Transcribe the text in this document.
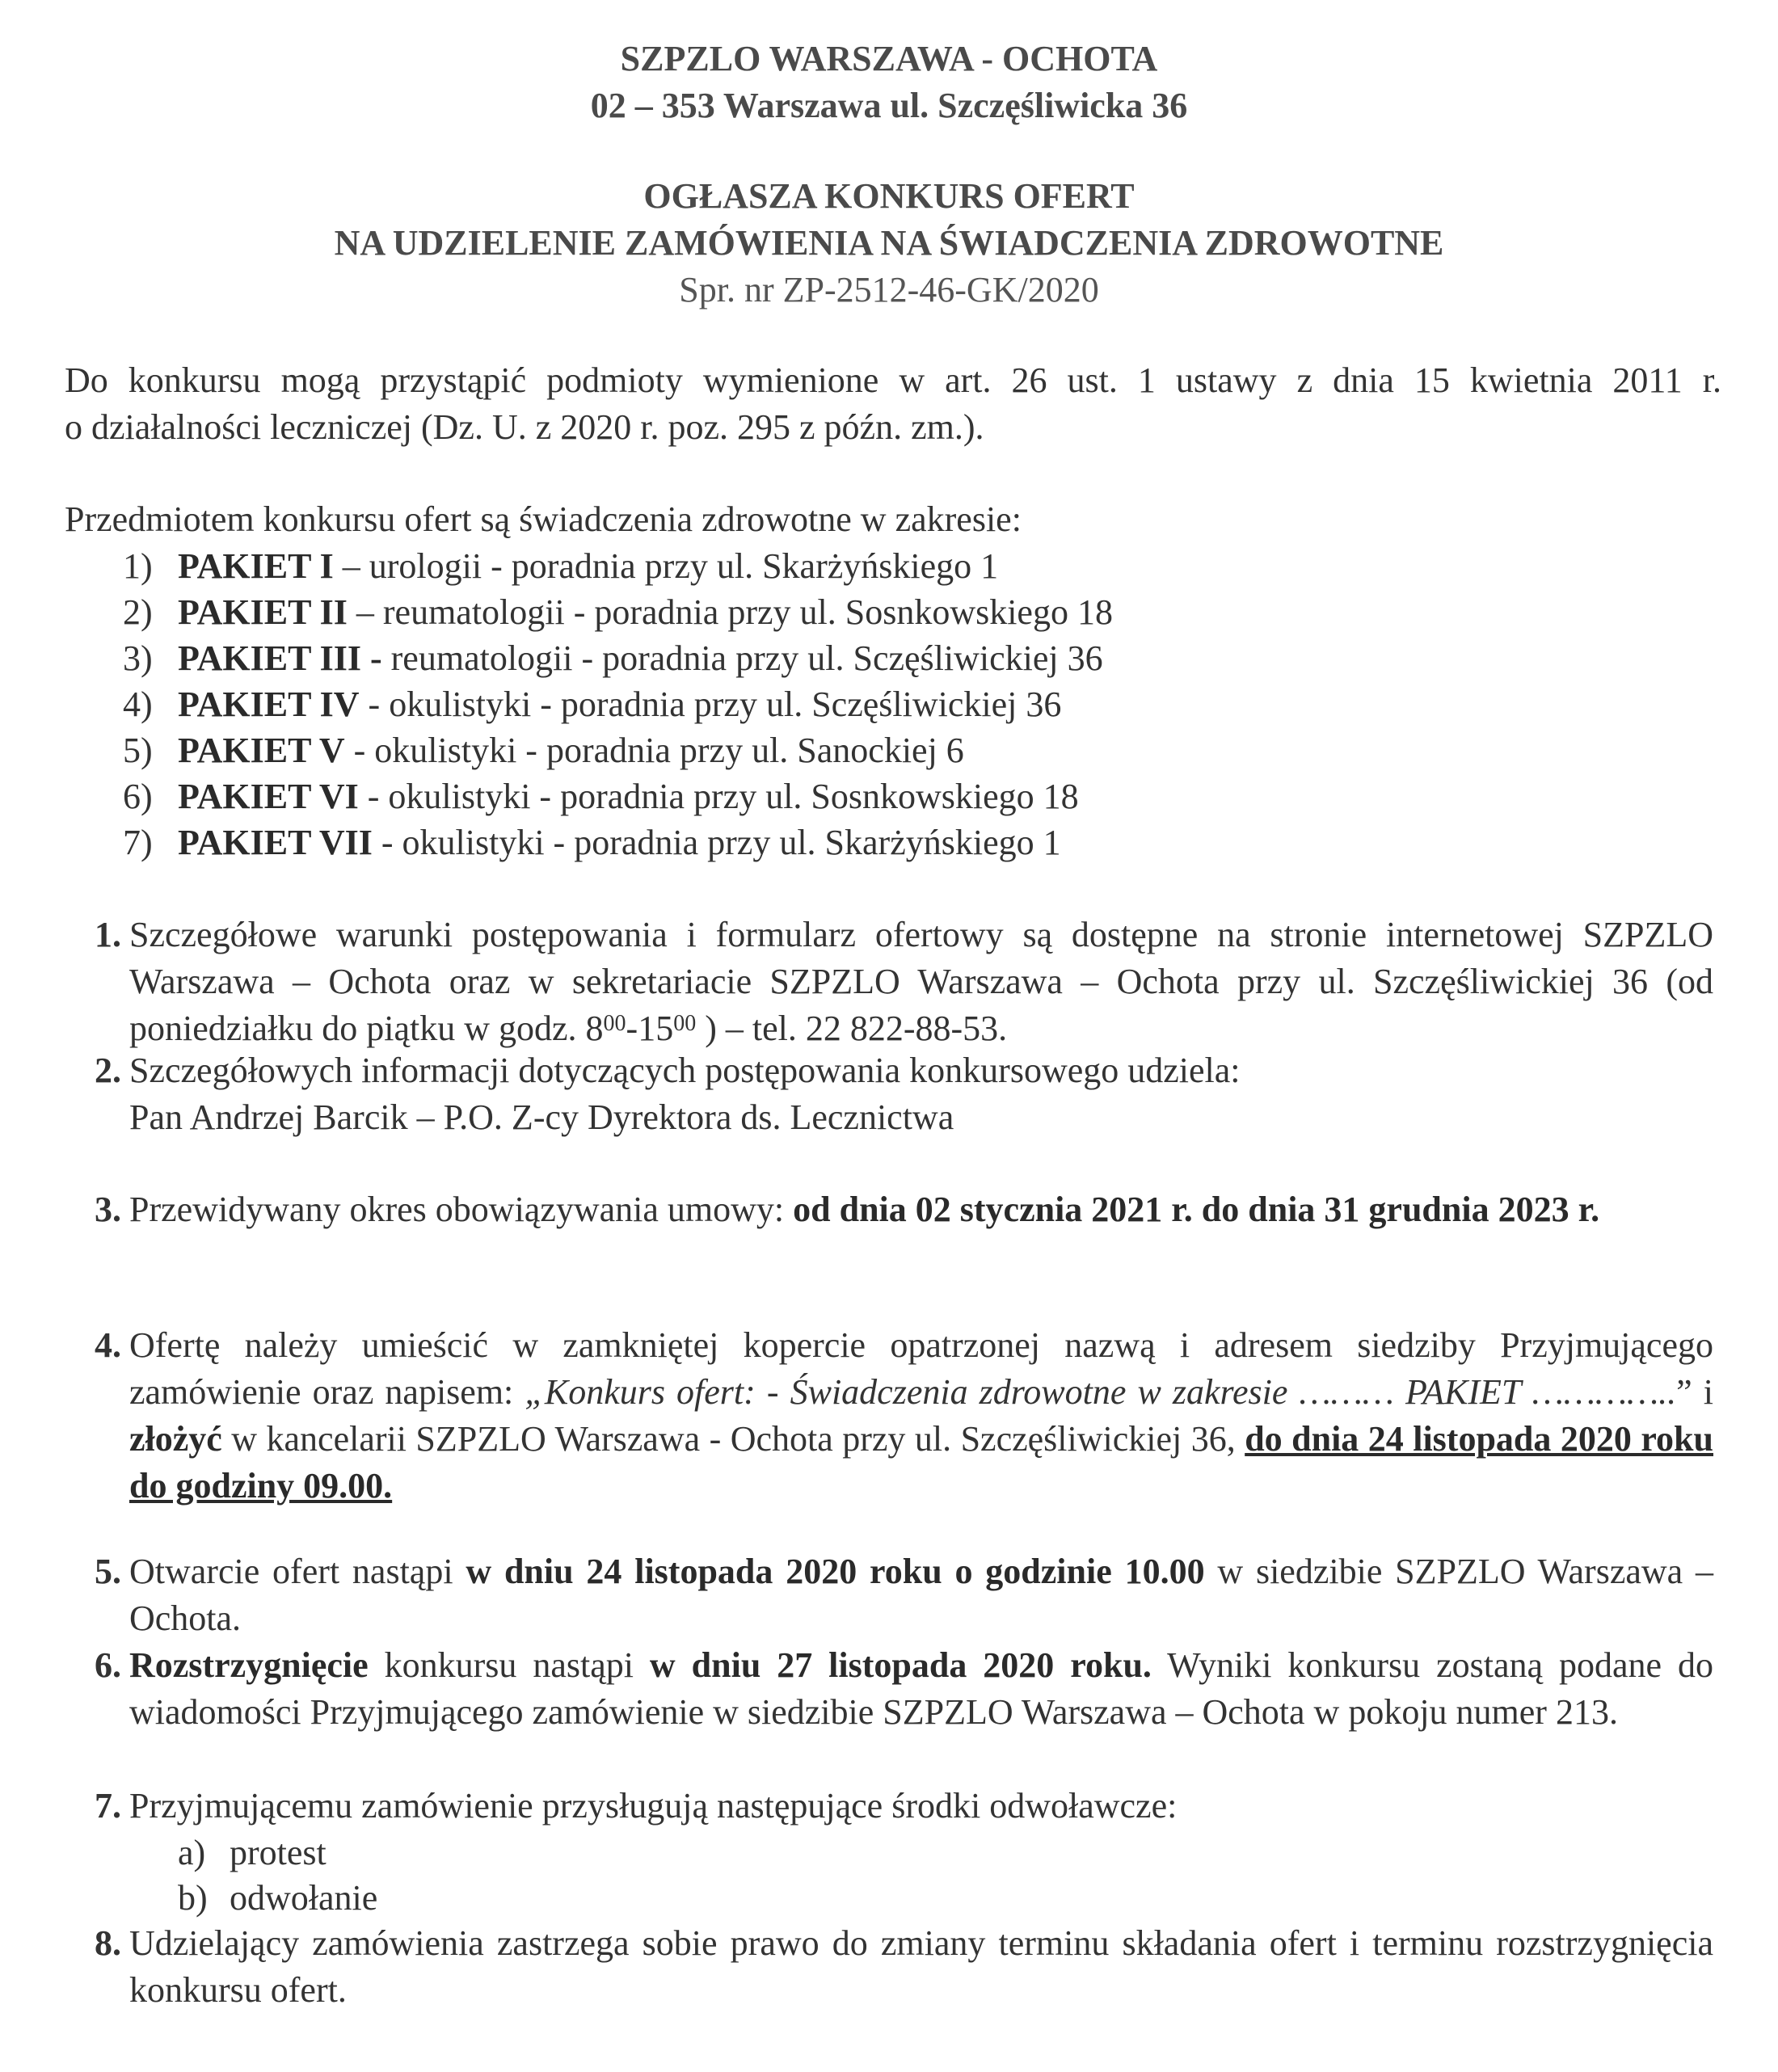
SZPZLO WARSZAWA - OCHOTA
02 – 353 Warszawa ul. Szczęśliwicka 36
OGŁASZA KONKURS OFERT
NA UDZIELENIE ZAMÓWIENIA NA ŚWIADCZENIA ZDROWOTNE
Spr. nr ZP-2512-46-GK/2020
Do konkursu mogą przystąpić podmioty wymienione w art. 26 ust. 1 ustawy z dnia 15 kwietnia 2011 r.
o działalności leczniczej (Dz. U. z 2020 r. poz. 295 z późn. zm.).
Przedmiotem konkursu ofert są świadczenia zdrowotne w zakresie:
1) PAKIET I – urologii - poradnia przy ul. Skarżyńskiego 1
2) PAKIET II – reumatologii - poradnia przy ul. Sosnkowskiego 18
3) PAKIET III - reumatologii - poradnia przy ul. Sczęśliwickiej 36
4) PAKIET IV - okulistyki - poradnia przy ul. Sczęśliwickiej 36
5) PAKIET V - okulistyki - poradnia przy ul. Sanockiej 6
6) PAKIET VI - okulistyki - poradnia przy ul. Sosnkowskiego 18
7) PAKIET VII - okulistyki - poradnia przy ul. Skarżyńskiego 1
1. Szczegółowe warunki postępowania i formularz ofertowy są dostępne na stronie internetowej SZPZLO Warszawa – Ochota oraz w sekretariacie SZPZLO Warszawa – Ochota przy ul. Szczęśliwickiej 36 (od poniedziałku do piątku w godz. $8^{00}-15^{00}$ ) – tel. 22 822-88-53.
2. Szczegółowych informacji dotyczących postępowania konkursowego udziela:
Pan Andrzej Barcik – P.O. Z-cy Dyrektora ds. Lecznictwa
3. Przewidywany okres obowiązywania umowy: od dnia 02 stycznia 2021 r. do dnia 31 grudnia 2023 r.
4. Ofertę należy umieścić w zamkniętej kopercie opatrzonej nazwą i adresem siedziby Przyjmującego zamówienie oraz napisem: „Konkurs ofert: - Świadczenia zdrowotne w zakresie ……… PAKIET …………..” i złożyć w kancelarii SZPZLO Warszawa - Ochota przy ul. Szczęśliwickiej 36, do dnia 24 listopada 2020 roku do godziny 09.00.
5. Otwarcie ofert nastąpi w dniu 24 listopada 2020 roku o godzinie 10.00 w siedzibie SZPZLO Warszawa – Ochota.
6. Rozstrzygnięcie konkursu nastąpi w dniu 27 listopada 2020 roku. Wyniki konkursu zostaną podane do wiadomości Przyjmującego zamówienie w siedzibie SZPZLO Warszawa – Ochota w pokoju numer 213.
7. Przyjmującemu zamówienie przysługują następujące środki odwoławcze:
a) protest
b) odwołanie
8. Udzielający zamówienia zastrzega sobie prawo do zmiany terminu składania ofert i terminu rozstrzygnięcia konkursu ofert.
